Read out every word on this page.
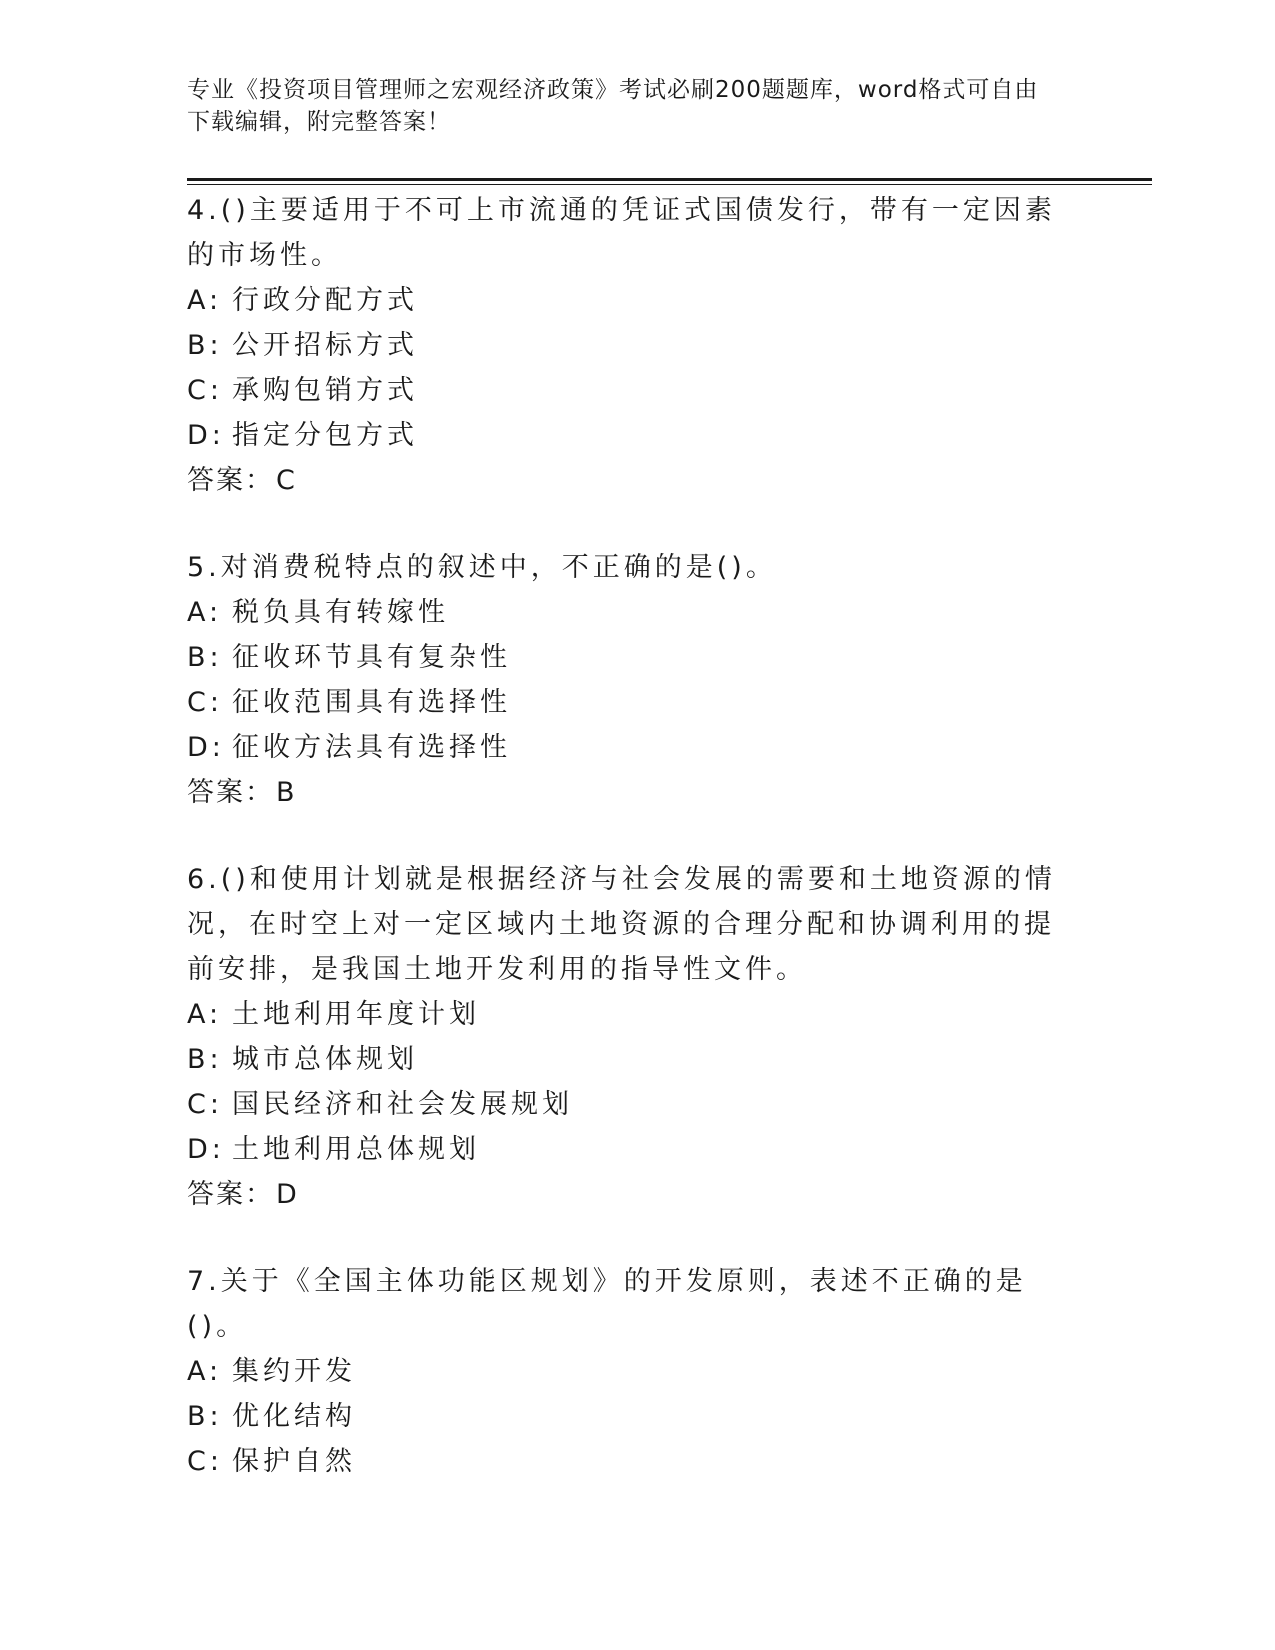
专业《投资项目管理师之宏观经济政策》考试必刷200题题库，word格式可自由
下载编辑，附完整答案！

4.()主要适用于不可上市流通的凭证式国债发行，带有一定因素的市场性。

A: 行政分配方式
B: 公开招标方式
C: 承购包销方式
D: 指定分包方式
答案：C

5.对消费税特点的叙述中，不正确的是()。

A: 税负具有转嫁性
B: 征收环节具有复杂性
C: 征收范围具有选择性
D: 征收方法具有选择性
答案：B

6.()和使用计划就是根据经济与社会发展的需要和土地资源的情况，在时空上对一定区域内土地资源的合理分配和协调利用的提前安排，是我国土地开发利用的指导性文件。

A: 土地利用年度计划
B: 城市总体规划
C: 国民经济和社会发展规划
D: 土地利用总体规划
答案：D

7.关于《全国主体功能区规划》的开发原则，表述不正确的是()。

A: 集约开发
B: 优化结构
C: 保护自然
